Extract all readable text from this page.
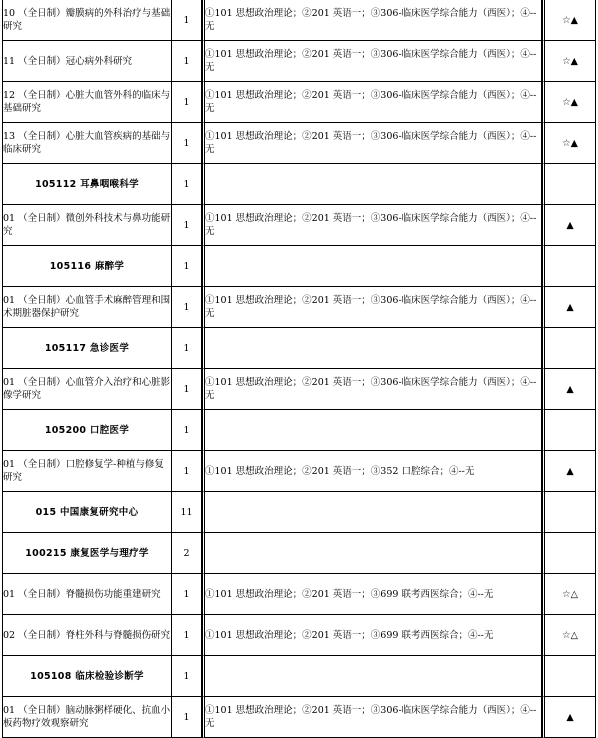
10 （全日制）瓣膜病的外科治疗与基础研究	1	①101 思想政治理论；②201 英语一；③306-临床医学综合能力（西医）；④--无	☆▲
11 （全日制）冠心病外科研究	1	①101 思想政治理论；②201 英语一；③306-临床医学综合能力（西医）；④--无	☆▲
12 （全日制）心脏大血管外科的临床与基础研究	1	①101 思想政治理论；②201 英语一；③306-临床医学综合能力（西医）；④--无	☆▲
13 （全日制）心脏大血管疾病的基础与临床研究	1	①101 思想政治理论；②201 英语一；③306-临床医学综合能力（西医）；④--无	☆▲
105112 耳鼻咽喉科学	1		
01 （全日制）微创外科技术与鼻功能研究	1	①101 思想政治理论；②201 英语一；③306-临床医学综合能力（西医）；④--无	▲
105116 麻醉学	1		
01 （全日制）心血管手术麻醉管理和围术期脏器保护研究	1	①101 思想政治理论；②201 英语一；③306-临床医学综合能力（西医）；④--无	▲
105117 急诊医学	1		
01 （全日制）心血管介入治疗和心脏影像学研究	1	①101 思想政治理论；②201 英语一；③306-临床医学综合能力（西医）；④--无	▲
105200 口腔医学	1		
01 （全日制）口腔修复学-种植与修复研究	1	①101 思想政治理论；②201 英语一；③352 口腔综合；④--无	▲
015 中国康复研究中心	11		
100215 康复医学与理疗学	2		
01 （全日制）脊髓损伤功能重建研究	1	①101 思想政治理论；②201 英语一；③699 联考西医综合；④--无	☆△
02 （全日制）脊柱外科与脊髓损伤研究	1	①101 思想政治理论；②201 英语一；③699 联考西医综合；④--无	☆△
105108 临床检验诊断学	1		
01 （全日制）脑动脉粥样硬化、抗血小板药物疗效观察研究	1	①101 思想政治理论；②201 英语一；③306-临床医学综合能力（西医）；④--无	▲
